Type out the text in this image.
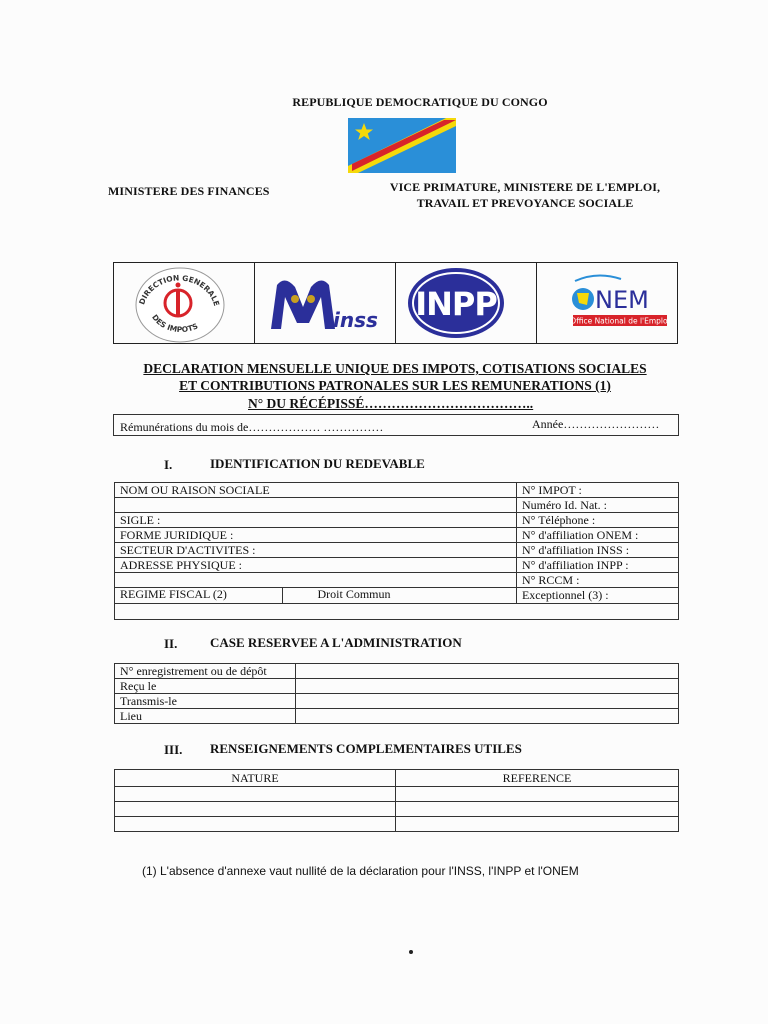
REPUBLIQUE DEMOCRATIQUE DU CONGO
MINISTERE DES FINANCES	VICE PRIMATURE, MINISTERE DE L'EMPLOI,
TRAVAIL ET PREVOYANCE SOCIALE
DIRECTION GENERALE
DES IMPOTS	inss INPP	NEM
Office National de l'Emploi
DECLARATION MENSUELLE UNIQUE DES IMPOTS, COTISATIONS SOCIALES
ET CONTRIBUTIONS PATRONALES SUR LES REMUNERATIONS (1)
N° DU RÉCÉPISSÉ………………………………..
Rémunérations du mois de……………… ……………	Année……………………
I.	IDENTIFICATION DU REDEVABLE
NOM OU RAISON SOCIALE	N° IMPOT :
	Numéro Id. Nat. :
SIGLE :	N° Téléphone :
FORME JURIDIQUE :	N° d'affiliation ONEM :
SECTEUR D'ACTIVITES :	N° d'affiliation INSS :
ADRESSE PHYSIQUE :	N° d'affiliation INPP :
	N° RCCM :

REGIME FISCAL (2) Droit Commun	Exceptionnel (3) :

II.	CASE RESERVEE A L'ADMINISTRATION
N° enregistrement ou de dépôt	
Reçu le	
Transmis-le	
Lieu	
III. RENSEIGNEMENTS COMPLEMENTAIRES UTILES
NATURE	REFERENCE

(1) L'absence d'annexe vaut nullité de la déclaration pour l'INSS, l'INPP et l'ONEM
